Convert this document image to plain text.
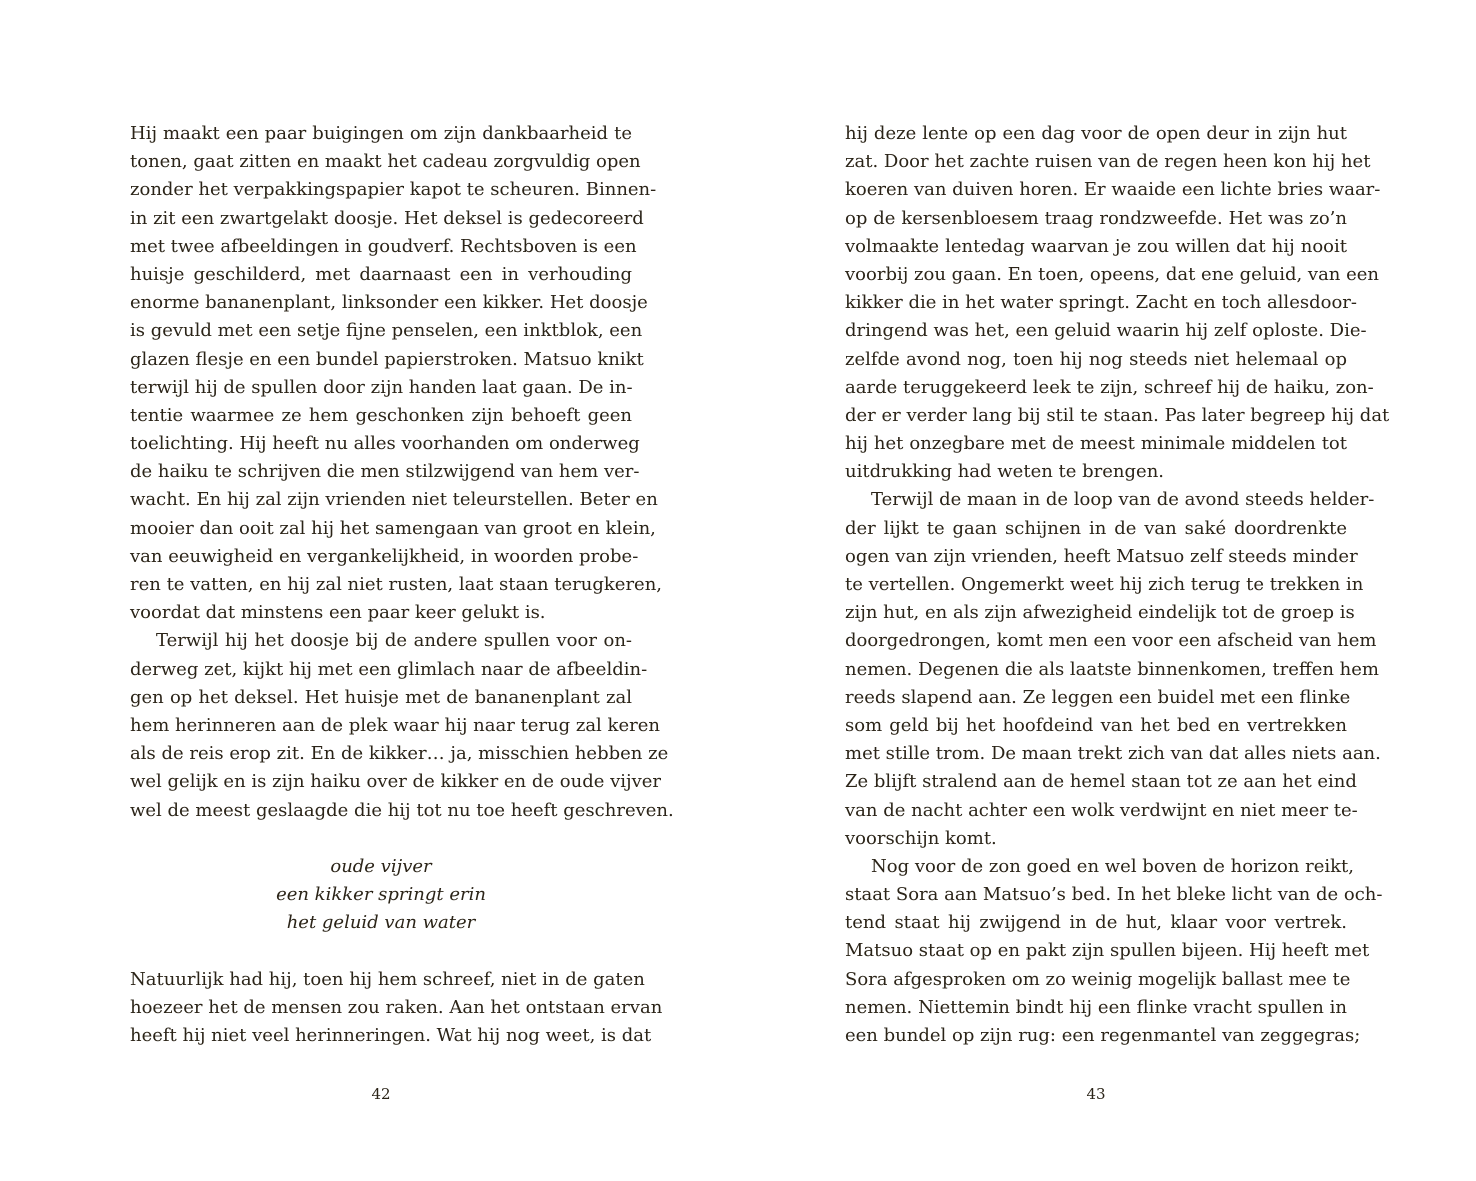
Hij maakt een paar buigingen om zijn dankbaarheid te
tonen, gaat zitten en maakt het cadeau zorgvuldig open
zonder het verpakkingspapier kapot te scheuren. Binnen-
in zit een zwartgelakt doosje. Het deksel is gedecoreerd
met twee afbeeldingen in goudverf. Rechtsboven is een
huisje geschilderd, met daarnaast een in verhouding
enorme bananenplant, linksonder een kikker. Het doosje
is gevuld met een setje fijne penselen, een inktblok, een
glazen flesje en een bundel papierstroken. Matsuo knikt
terwijl hij de spullen door zijn handen laat gaan. De in-
tentie waarmee ze hem geschonken zijn behoeft geen
toelichting. Hij heeft nu alles voorhanden om onderweg
de haiku te schrijven die men stilzwijgend van hem ver-
wacht. En hij zal zijn vrienden niet teleurstellen. Beter en
mooier dan ooit zal hij het samengaan van groot en klein,
van eeuwigheid en vergankelijkheid, in woorden probe-
ren te vatten, en hij zal niet rusten, laat staan terugkeren,
voordat dat minstens een paar keer gelukt is.
Terwijl hij het doosje bij de andere spullen voor on-
derweg zet, kijkt hij met een glimlach naar de afbeeldin-
gen op het deksel. Het huisje met de bananenplant zal
hem herinneren aan de plek waar hij naar terug zal keren
als de reis erop zit. En de kikker… ja, misschien hebben ze
wel gelijk en is zijn haiku over de kikker en de oude vijver
wel de meest geslaagde die hij tot nu toe heeft geschreven.
oude vijver
een kikker springt erin
het geluid van water
Natuurlijk had hij, toen hij hem schreef, niet in de gaten
hoezeer het de mensen zou raken. Aan het ontstaan ervan
heeft hij niet veel herinneringen. Wat hij nog weet, is dat
42
hij deze lente op een dag voor de open deur in zijn hut
zat. Door het zachte ruisen van de regen heen kon hij het
koeren van duiven horen. Er waaide een lichte bries waar-
op de kersenbloesem traag rondzweefde. Het was zo’n
volmaakte lentedag waarvan je zou willen dat hij nooit
voorbij zou gaan. En toen, opeens, dat ene geluid, van een
kikker die in het water springt. Zacht en toch allesdoor-
dringend was het, een geluid waarin hij zelf oploste. Die-
zelfde avond nog, toen hij nog steeds niet helemaal op
aarde teruggekeerd leek te zijn, schreef hij de haiku, zon-
der er verder lang bij stil te staan. Pas later begreep hij dat
hij het onzegbare met de meest minimale middelen tot
uitdrukking had weten te brengen.
Terwijl de maan in de loop van de avond steeds helder-
der lijkt te gaan schijnen in de van saké doordrenkte
ogen van zijn vrienden, heeft Matsuo zelf steeds minder
te vertellen. Ongemerkt weet hij zich terug te trekken in
zijn hut, en als zijn afwezigheid eindelijk tot de groep is
doorgedrongen, komt men een voor een afscheid van hem
nemen. Degenen die als laatste binnenkomen, treffen hem
reeds slapend aan. Ze leggen een buidel met een flinke
som geld bij het hoofdeind van het bed en vertrekken
met stille trom. De maan trekt zich van dat alles niets aan.
Ze blijft stralend aan de hemel staan tot ze aan het eind
van de nacht achter een wolk verdwijnt en niet meer te-
voorschijn komt.
Nog voor de zon goed en wel boven de horizon reikt,
staat Sora aan Matsuo’s bed. In het bleke licht van de och-
tend staat hij zwijgend in de hut, klaar voor vertrek.
Matsuo staat op en pakt zijn spullen bijeen. Hij heeft met
Sora afgesproken om zo weinig mogelijk ballast mee te
nemen. Niettemin bindt hij een flinke vracht spullen in
een bundel op zijn rug: een regenmantel van zeggegras;
43
